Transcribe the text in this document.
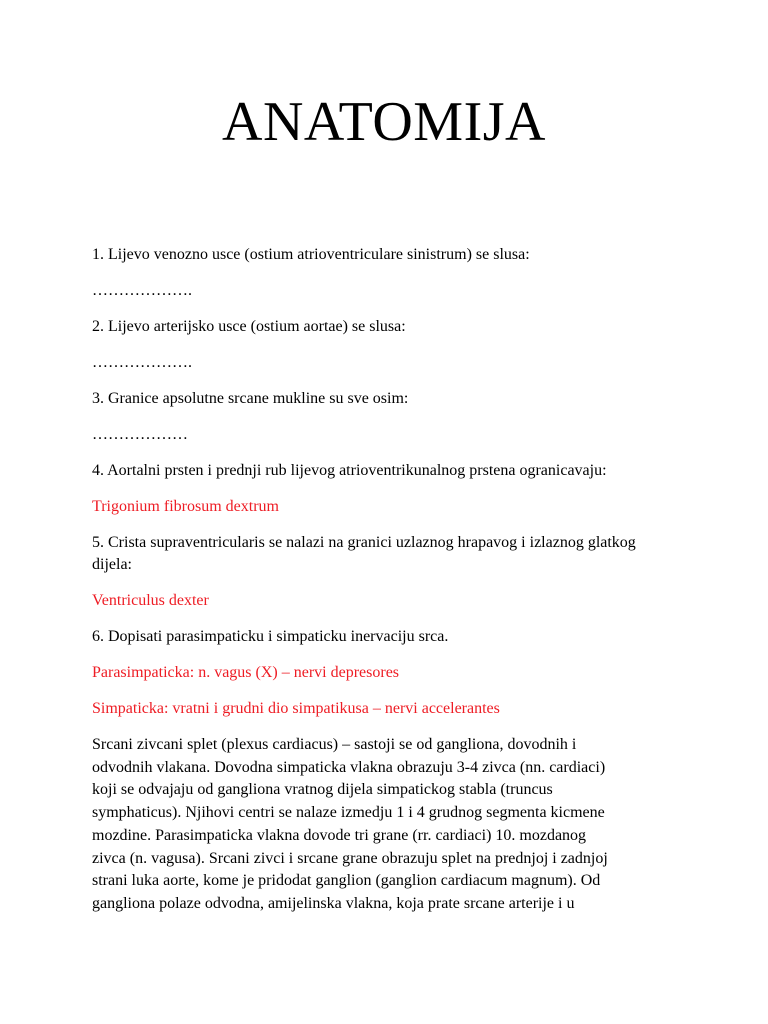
ANATOMIJA

1. Lijevo venozno usce (ostium atrioventriculare sinistrum) se slusa:

……………….

2. Lijevo arterijsko usce (ostium aortae) se slusa:

……………….

3. Granice apsolutne srcane mukline su sve osim:

………………

4. Aortalni prsten i prednji rub lijevog atrioventrikunalnog prstena ogranicavaju:

Trigonium fibrosum dextrum

5. Crista supraventricularis se nalazi na granici uzlaznog hrapavog i izlaznog glatkog dijela:

Ventriculus dexter

6. Dopisati parasimpaticku i simpaticku inervaciju srca.

Parasimpaticka: n. vagus (X) – nervi depresores

Simpaticka: vratni i grudni dio simpatikusa – nervi accelerantes

Srcani zivcani splet (plexus cardiacus) – sastoji se od gangliona, dovodnih i
odvodnih vlakana. Dovodna simpaticka vlakna obrazuju 3-4 zivca (nn. cardiaci)
koji se odvajaju od gangliona vratnog dijela simpatickog stabla (truncus
symphaticus). Njihovi centri se nalaze izmedju 1 i 4 grudnog segmenta kicmene
mozdine. Parasimpaticka vlakna dovode tri grane (rr. cardiaci) 10. mozdanog
zivca (n. vagusa). Srcani zivci i srcane grane obrazuju splet na prednjoj i zadnjoj
strani luka aorte, kome je pridodat ganglion (ganglion cardiacum magnum). Od
gangliona polaze odvodna, amijelinska vlakna, koja prate srcane arterije i u
